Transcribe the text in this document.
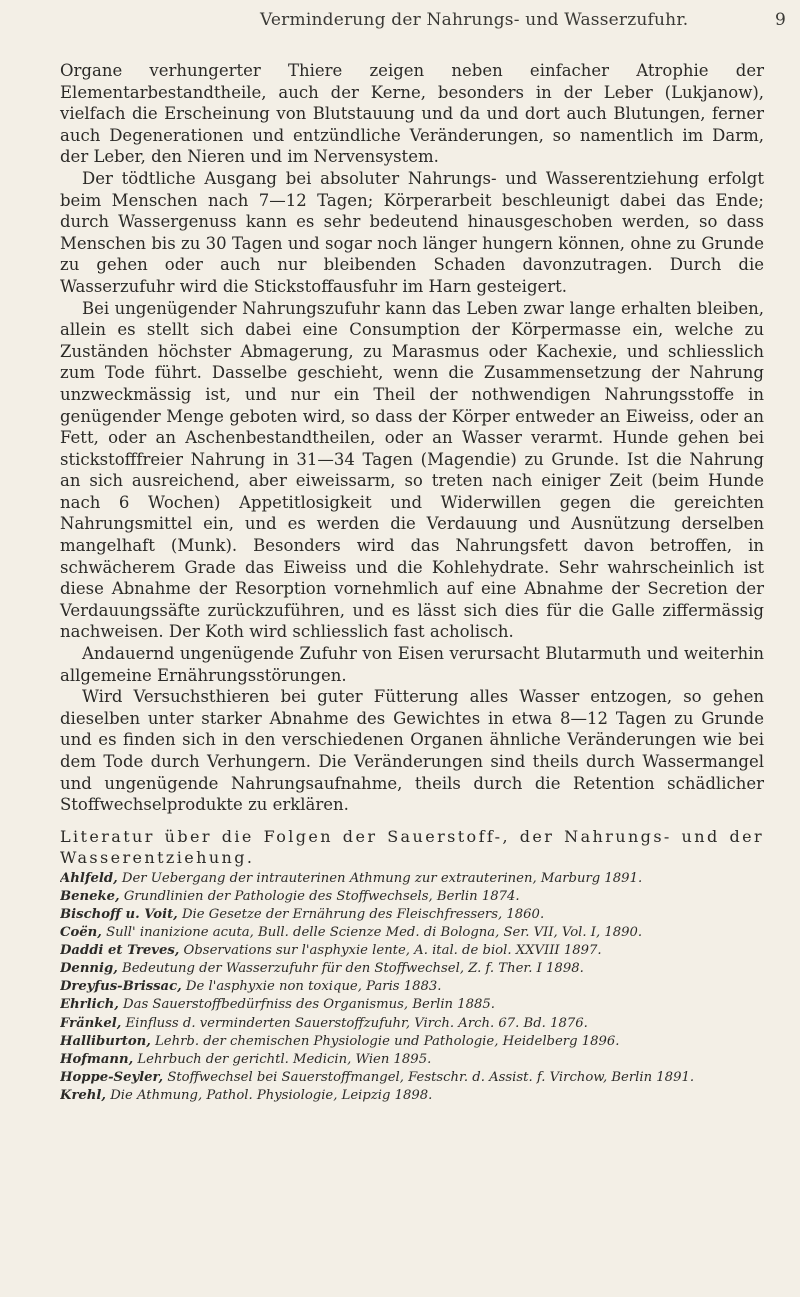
Verminderung der Nahrungs- und Wasserzufuhr.	9

Organe verhungerter Thiere zeigen neben einfacher Atrophie der Elementarbestandtheile, auch der Kerne, besonders in der Leber (Lukjanow), vielfach die Erscheinung von Blutstauung und da und dort auch Blutungen, ferner auch Degenerationen und entzündliche Veränderungen, so namentlich im Darm, der Leber, den Nieren und im Nervensystem.

Der tödtliche Ausgang bei absoluter Nahrungs- und Wasserentziehung erfolgt beim Menschen nach 7—12 Tagen; Körperarbeit beschleunigt dabei das Ende; durch Wassergenuss kann es sehr bedeutend hinausgeschoben werden, so dass Menschen bis zu 30 Tagen und sogar noch länger hungern können, ohne zu Grunde zu gehen oder auch nur bleibenden Schaden davonzutragen. Durch die Wasserzufuhr wird die Stickstoffausfuhr im Harn gesteigert.

Bei ungenügender Nahrungszufuhr kann das Leben zwar lange erhalten bleiben, allein es stellt sich dabei eine Consumption der Körpermasse ein, welche zu Zuständen höchster Abmagerung, zu Marasmus oder Kachexie, und schliesslich zum Tode führt. Dasselbe geschieht, wenn die Zusammensetzung der Nahrung unzweckmässig ist, und nur ein Theil der nothwendigen Nahrungsstoffe in genügender Menge geboten wird, so dass der Körper entweder an Eiweiss, oder an Fett, oder an Aschenbestandtheilen, oder an Wasser verarmt. Hunde gehen bei stickstofffreier Nahrung in 31—34 Tagen (Magendie) zu Grunde. Ist die Nahrung an sich ausreichend, aber eiweissarm, so treten nach einiger Zeit (beim Hunde nach 6 Wochen) Appetitlosigkeit und Widerwillen gegen die gereichten Nahrungsmittel ein, und es werden die Verdauung und Ausnützung derselben mangelhaft (Munk). Besonders wird das Nahrungsfett davon betroffen, in schwächerem Grade das Eiweiss und die Kohlehydrate. Sehr wahrscheinlich ist diese Abnahme der Resorption vornehmlich auf eine Abnahme der Secretion der Verdauungssäfte zurückzuführen, und es lässt sich dies für die Galle ziffermässig nachweisen. Der Koth wird schliesslich fast acholisch.

Andauernd ungenügende Zufuhr von Eisen verursacht Blutarmuth und weiterhin allgemeine Ernährungsstörungen.

Wird Versuchsthieren bei guter Fütterung alles Wasser entzogen, so gehen dieselben unter starker Abnahme des Gewichtes in etwa 8—12 Tagen zu Grunde und es finden sich in den verschiedenen Organen ähnliche Veränderungen wie bei dem Tode durch Verhungern. Die Veränderungen sind theils durch Wassermangel und ungenügende Nahrungsaufnahme, theils durch die Retention schädlicher Stoffwechselprodukte zu erklären.

Literatur über die Folgen der Sauerstoff-, der Nahrungs- und der Wasserentziehung.
Ahlfeld, Der Uebergang der intrauterinen Athmung zur extrauterinen, Marburg 1891.
Beneke, Grundlinien der Pathologie des Stoffwechsels, Berlin 1874.
Bischoff u. Voit, Die Gesetze der Ernährung des Fleischfressers, 1860.
Coën, Sull' inanizione acuta, Bull. delle Scienze Med. di Bologna, Ser. VII, Vol. I, 1890.
Daddi et Treves, Observations sur l'asphyxie lente, A. ital. de biol. XXVIII 1897.
Dennig, Bedeutung der Wasserzufuhr für den Stoffwechsel, Z. f. Ther. I 1898.
Dreyfus-Brissac, De l'asphyxie non toxique, Paris 1883.
Ehrlich, Das Sauerstoffbedürfniss des Organismus, Berlin 1885.
Fränkel, Einfluss d. verminderten Sauerstoffzufuhr, Virch. Arch. 67. Bd. 1876.
Halliburton, Lehrb. der chemischen Physiologie und Pathologie, Heidelberg 1896.
Hofmann, Lehrbuch der gerichtl. Medicin, Wien 1895.
Hoppe-Seyler, Stoffwechsel bei Sauerstoffmangel, Festschr. d. Assist. f. Virchow, Berlin 1891.
Krehl, Die Athmung, Pathol. Physiologie, Leipzig 1898.
